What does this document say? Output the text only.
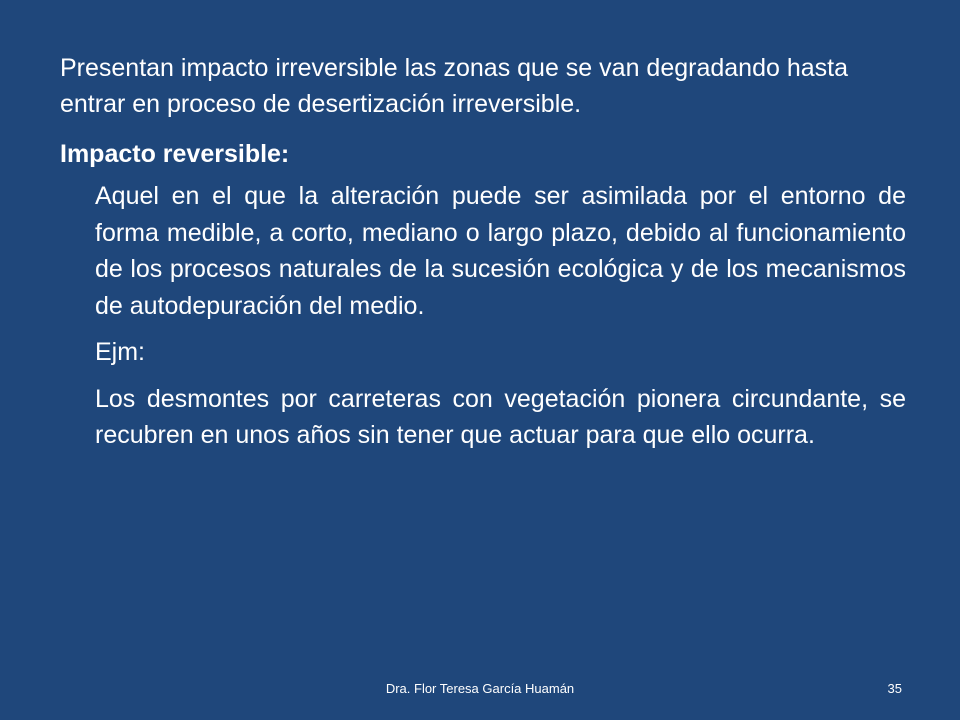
Presentan impacto irreversible las zonas que se van degradando hasta entrar en proceso de desertización irreversible.

Impacto reversible:

Aquel en el que la alteración puede ser asimilada por el entorno de forma medible, a corto, mediano o largo plazo, debido al funcionamiento de los procesos naturales de la sucesión ecológica y de los mecanismos de autodepuración del medio.

Ejm:

Los desmontes por carreteras con vegetación pionera circundante, se recubren en unos años sin tener que actuar para que ello ocurra.

Dra. Flor Teresa García Huamán	35
